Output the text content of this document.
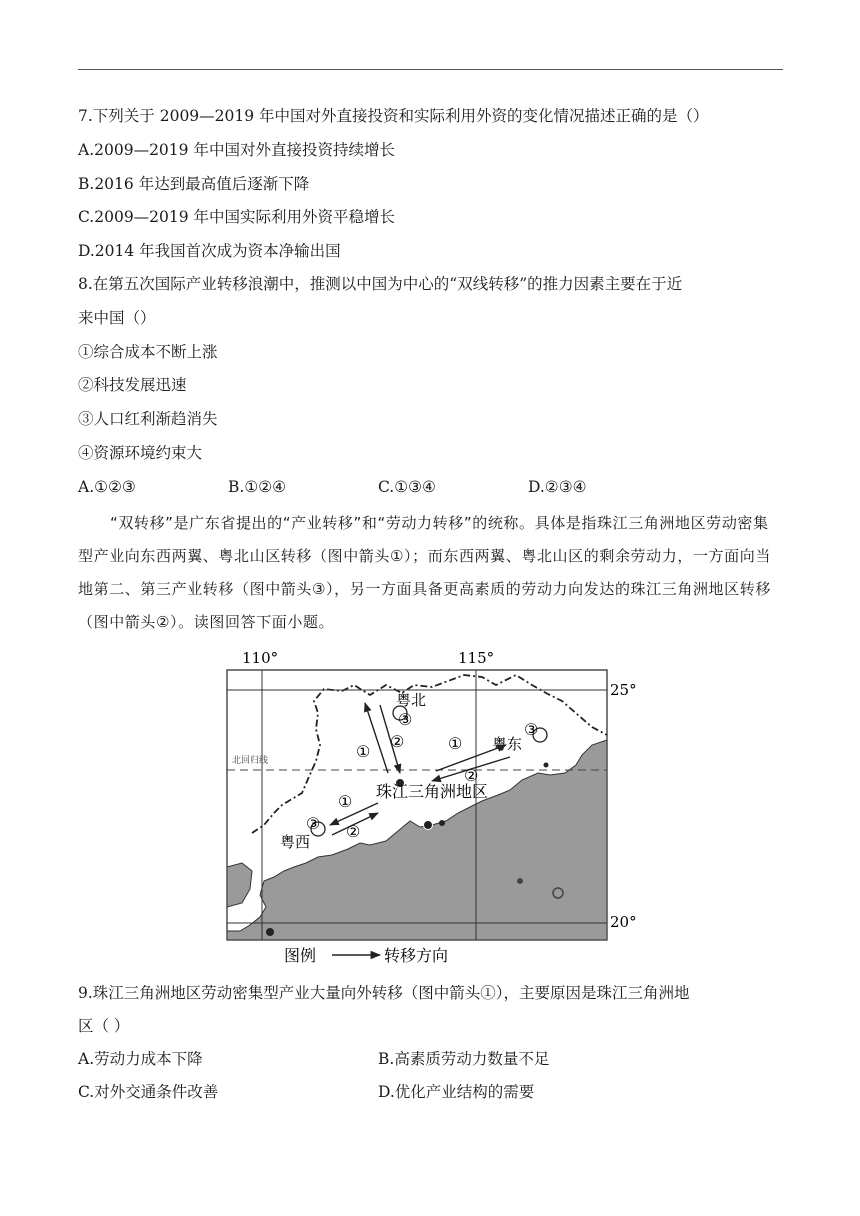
7.下列关于 2009—2019 年中国对外直接投资和实际利用外资的变化情况描述正确的是（）
A.2009—2019 年中国对外直接投资持续增长
B.2016 年达到最高值后逐渐下降
C.2009—2019 年中国实际利用外资平稳增长
D.2014 年我国首次成为资本净输出国
8.在第五次国际产业转移浪潮中，推测以中国为中心的“双线转移”的推力因素主要在于近
来中国（）
①综合成本不断上涨
②科技发展迅速
③人口红利渐趋消失
④资源环境约束大
A.①②③	B.①②④	C.①③④	D.②③④
“双转移”是广东省提出的“产业转移”和“劳动力转移”的统称。具体是指珠江三角洲地区劳动密集型产业向东西两翼、粤北山区转移（图中箭头①）；而东西两翼、粤北山区的剩余劳动力，一方面向当地第二、第三产业转移（图中箭头③），另一方面具备更高素质的劳动力向发达的珠江三角洲地区转移（图中箭头②）。读图回答下面小题。
110°	115°
25°
20°
北回归线
粤北
粤东
粤西
珠江三角洲地区
③
①
②	①
②
③
①
③ ②
图例	转移方向
9.珠江三角洲地区劳动密集型产业大量向外转移（图中箭头①），主要原因是珠江三角洲地
区（ ）
A.劳动力成本下降	B.高素质劳动力数量不足
C.对外交通条件改善	D.优化产业结构的需要
